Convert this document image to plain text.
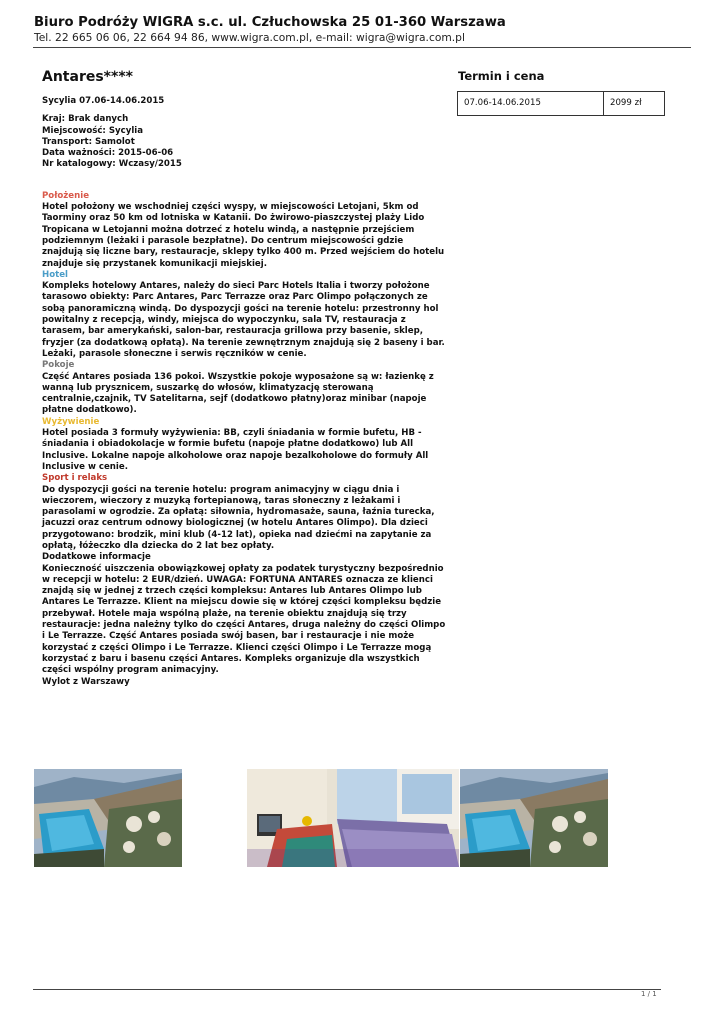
Biuro Podróży WIGRA s.c. ul. Człuchowska 25 01-360 Warszawa
Tel. 22 665 06 06, 22 664 94 86, www.wigra.com.pl, e-mail: wigra@wigra.com.pl
Antares****	Termin i cena
07.06-14.06.2015	2099 zł

Sycylia 07.06-14.06.2015

Kraj: Brak danych

Miejscowość: Sycylia

Transport: Samolot

Data ważności: 2015-06-06

Nr katalogowy: Wczasy/2015

Położenie

Hotel położony we wschodniej części wyspy, w miejscowości Letojani, 5km od Taorminy oraz 50 km od lotniska w Katanii. Do żwirowo-piaszczystej plaży Lido Tropicana w Letojanni można dotrzeć z hotelu windą, a następnie przejściem podziemnym (leżaki i parasole bezpłatne). Do centrum miejscowości gdzie znajdują się liczne bary, restauracje, sklepy tylko 400 m. Przed wejściem do hotelu znajduje się przystanek komunikacji miejskiej.

Hotel

Kompleks hotelowy Antares, należy do sieci Parc Hotels Italia i tworzy położone tarasowo obiekty: Parc Antares, Parc Terrazze oraz Parc Olimpo połączonych ze sobą panoramiczną windą. Do dyspozycji gości na terenie hotelu: przestronny hol powitalny z recepcją, windy, miejsca do wypoczynku, sala TV, restauracja z tarasem, bar amerykański, salon-bar, restauracja grillowa przy basenie, sklep, fryzjer (za dodatkową opłatą). Na terenie zewnętrznym znajdują się 2 baseny i bar. Leżaki, parasole słoneczne i serwis ręczników w cenie.

Pokoje

Część Antares posiada 136 pokoi. Wszystkie pokoje wyposażone są w: łazienkę z wanną lub prysznicem, suszarkę do włosów, klimatyzację sterowaną centralnie,czajnik, TV Satelitarna, sejf (dodatkowo płatny)oraz minibar (napoje płatne dodatkowo).

Wyżywienie

Hotel posiada 3 formuły wyżywienia: BB, czyli śniadania w formie bufetu, HB - śniadania i obiadokolacje w formie bufetu (napoje płatne dodatkowo) lub All Inclusive. Lokalne napoje alkoholowe oraz napoje bezalkoholowe do formuły All Inclusive w cenie.

Sport i relaks

Do dyspozycji gości na terenie hotelu: program animacyjny w ciągu dnia i wieczorem, wieczory z muzyką fortepianową, taras słoneczny z leżakami i parasolami w ogrodzie. Za opłatą: siłownia, hydromasaże, sauna, łaźnia turecka, jacuzzi oraz centrum odnowy biologicznej (w hotelu Antares Olimpo). Dla dzieci przygotowano: brodzik, mini klub (4-12 lat), opieka nad dziećmi na zapytanie za opłatą, łóżeczko dla dziecka do 2 lat bez opłaty.

Dodatkowe informacje

Konieczność uiszczenia obowiązkowej opłaty za podatek turystyczny bezpośrednio w recepcji w hotelu: 2 EUR/dzień. UWAGA: FORTUNA ANTARES oznacza ze klienci znajdą się w jednej z trzech części kompleksu: Antares lub Antares Olimpo lub Antares Le Terrazze. Klient na miejscu dowie się w której części kompleksu będzie przebywał. Hotele maja wspólną plaże, na terenie obiektu znajdują się trzy restauracje: jedna należny tylko do części Antares, druga należny do części Olimpo i Le Terrazze. Część Antares posiada swój basen, bar i restauracje i nie może korzystać z części Olimpo i Le Terrazze. Klienci części Olimpo i Le Terrazze mogą korzystać z baru i basenu części Antares. Kompleks organizuje dla wszystkich części wspólny program animacyjny.

Wylot z Warszawy

1 / 1
